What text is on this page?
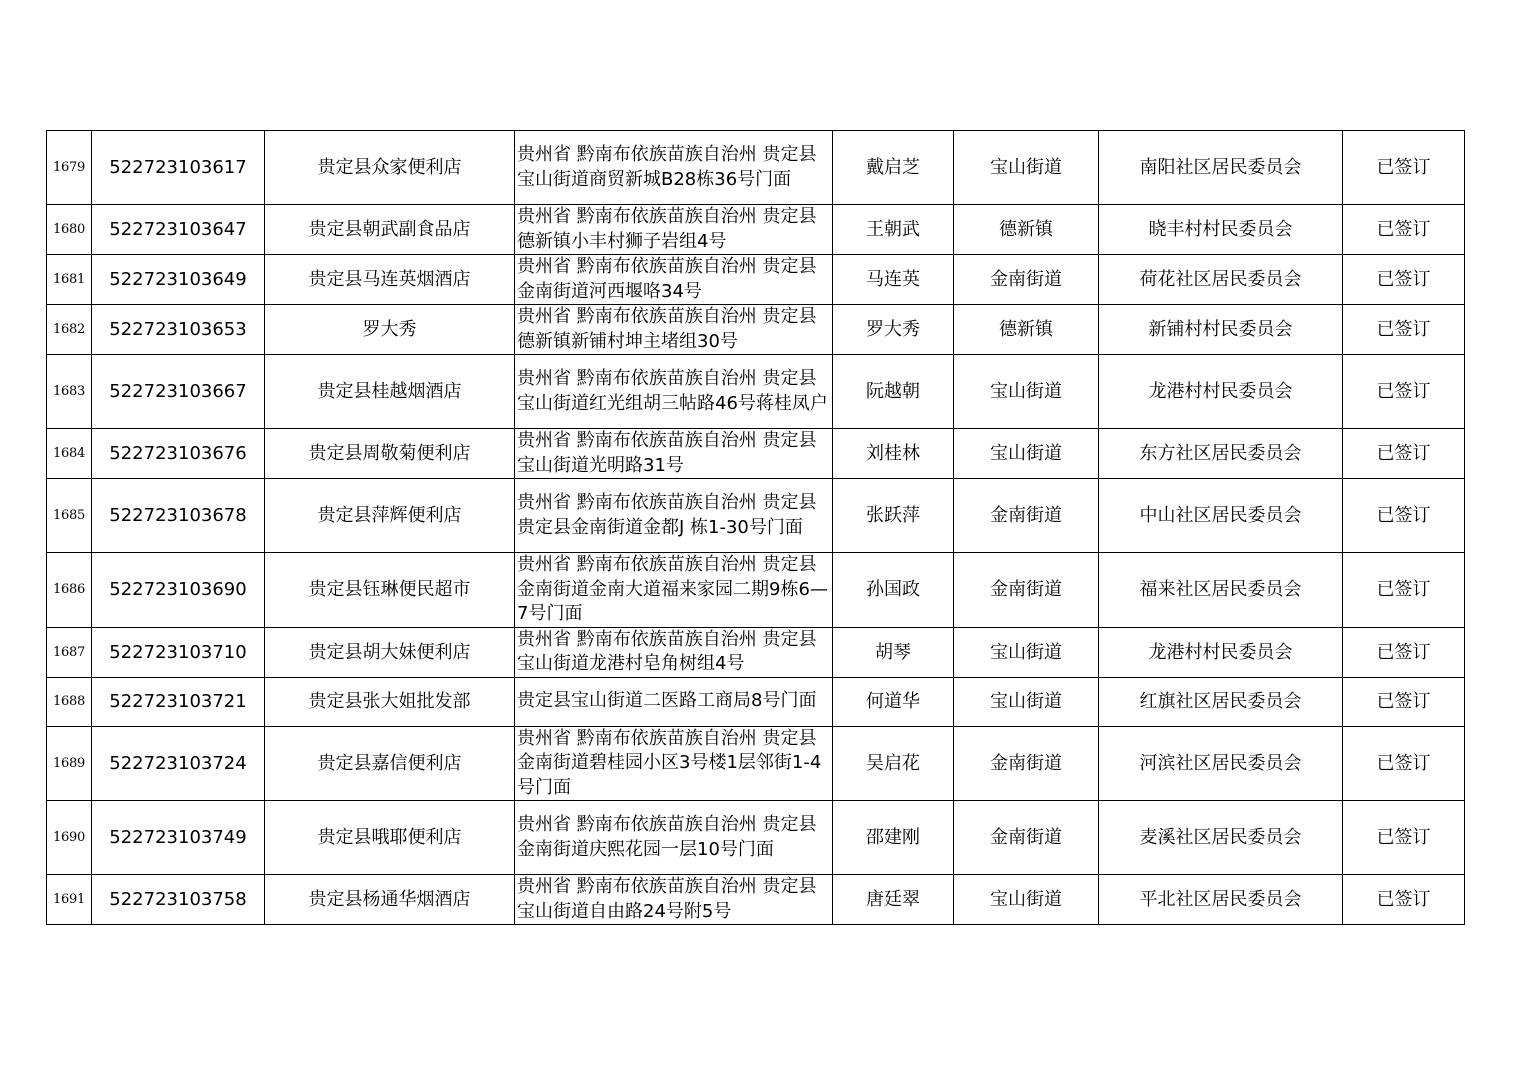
1679	522723103617	贵定县众家便利店	贵州省 黔南布依族苗族自治州 贵定县宝山街道商贸新城B28栋36号门面	戴启芝	宝山街道	南阳社区居民委员会	已签订
1680	522723103647	贵定县朝武副食品店	贵州省 黔南布依族苗族自治州 贵定县德新镇小丰村狮子岩组4号	王朝武	德新镇	晓丰村村民委员会	已签订
1681	522723103649	贵定县马连英烟酒店	贵州省 黔南布依族苗族自治州 贵定县金南街道河西堰咯34号	马连英	金南街道	荷花社区居民委员会	已签订
1682	522723103653	罗大秀	贵州省 黔南布依族苗族自治州 贵定县德新镇新铺村坤主堵组30号	罗大秀	德新镇	新铺村村民委员会	已签订
1683	522723103667	贵定县桂越烟酒店	贵州省 黔南布依族苗族自治州 贵定县宝山街道红光组胡三帖路46号蒋桂凤户	阮越朝	宝山街道	龙港村村民委员会	已签订
1684	522723103676	贵定县周敬菊便利店	贵州省 黔南布依族苗族自治州 贵定县宝山街道光明路31号	刘桂林	宝山街道	东方社区居民委员会	已签订
1685	522723103678	贵定县萍辉便利店	贵州省 黔南布依族苗族自治州 贵定县贵定县金南街道金都J 栋1-30号门面	张跃萍	金南街道	中山社区居民委员会	已签订
1686	522723103690	贵定县钰琳便民超市	贵州省 黔南布依族苗族自治州 贵定县金南街道金南大道福来家园二期9栋6—7号门面	孙国政	金南街道	福来社区居民委员会	已签订
1687	522723103710	贵定县胡大妹便利店	贵州省 黔南布依族苗族自治州 贵定县宝山街道龙港村皂角树组4号	胡琴	宝山街道	龙港村村民委员会	已签订
1688	522723103721	贵定县张大姐批发部	贵定县宝山街道二医路工商局8号门面	何道华	宝山街道	红旗社区居民委员会	已签订
1689	522723103724	贵定县嘉信便利店	贵州省 黔南布依族苗族自治州 贵定县金南街道碧桂园小区3号楼1层邻街1-4号门面	吴启花	金南街道	河滨社区居民委员会	已签订
1690	522723103749	贵定县哦耶便利店	贵州省 黔南布依族苗族自治州 贵定县金南街道庆熙花园一层10号门面	邵建刚	金南街道	麦溪社区居民委员会	已签订
1691	522723103758	贵定县杨通华烟酒店	贵州省 黔南布依族苗族自治州 贵定县宝山街道自由路24号附5号	唐廷翠	宝山街道	平北社区居民委员会	已签订
